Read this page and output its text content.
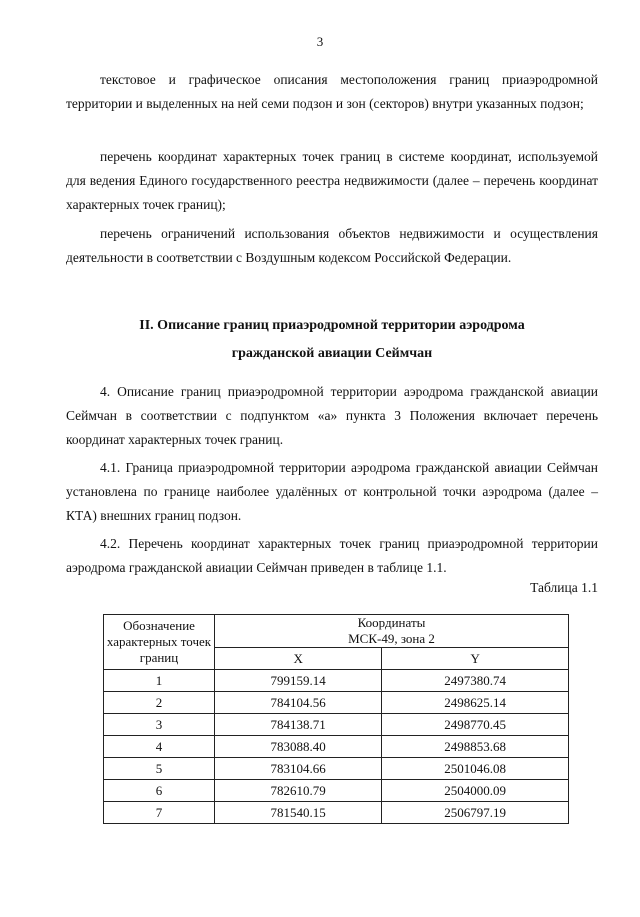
3
текстовое и графическое описания местоположения границ приаэродромной территории и выделенных на ней семи подзон и зон (секторов) внутри указанных подзон;
перечень координат характерных точек границ в системе координат, используемой для ведения Единого государственного реестра недвижимости (далее – перечень координат характерных точек границ);
перечень ограничений использования объектов недвижимости и осуществления деятельности в соответствии с Воздушным кодексом Российской Федерации.
II. Описание границ приаэродромной территории аэродрома
гражданской авиации Сеймчан
4. Описание границ приаэродромной территории аэродрома гражданской авиации Сеймчан в соответствии с подпунктом «а» пункта 3 Положения включает перечень координат характерных точек границ.
4.1. Граница приаэродромной территории аэродрома гражданской авиации Сеймчан установлена по границе наиболее удалённых от контрольной точки аэродрома (далее – КТА) внешних границ подзон.
4.2. Перечень координат характерных точек границ приаэродромной территории аэродрома гражданской авиации Сеймчан приведен в таблице 1.1.
Таблица 1.1
Обозначение характерных точек границ	Координаты
МСК-49, зона 2	

	X	Y
1	799159.14	2497380.74
2	784104.56	2498625.14
3	784138.71	2498770.45
4	783088.40	2498853.68
5	783104.66	2501046.08
6	782610.79	2504000.09
7	781540.15	2506797.19
